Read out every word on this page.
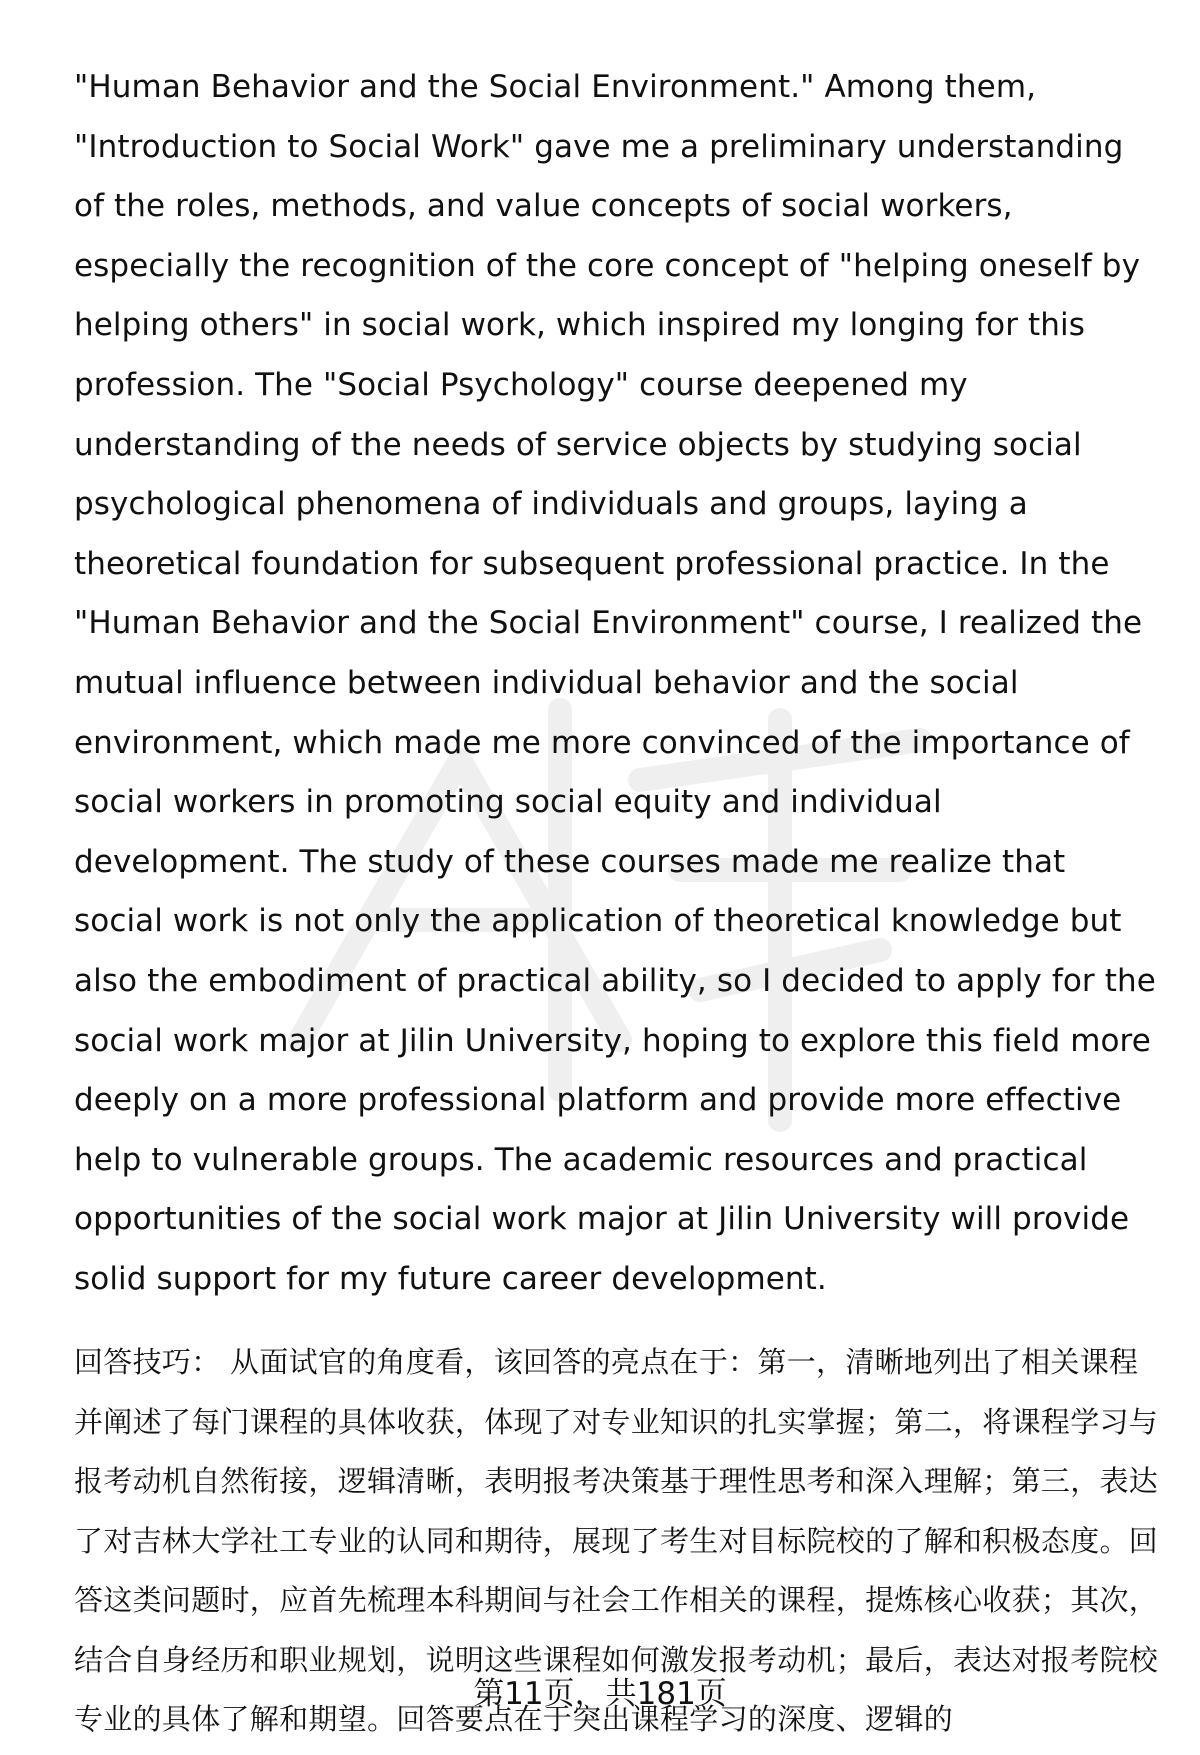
"Human Behavior and the Social Environment." Among them, "Introduction to Social Work" gave me a preliminary understanding of the roles, methods, and value concepts of social workers, especially the recognition of the core concept of "helping oneself by helping others" in social work, which inspired my longing for this profession. The "Social Psychology" course deepened my understanding of the needs of service objects by studying social psychological phenomena of individuals and groups, laying a theoretical foundation for subsequent professional practice. In the "Human Behavior and the Social Environment" course, I realized the mutual influence between individual behavior and the social environment, which made me more convinced of the importance of social workers in promoting social equity and individual development. The study of these courses made me realize that social work is not only the application of theoretical knowledge but also the embodiment of practical ability, so I decided to apply for the social work major at Jilin University, hoping to explore this field more deeply on a more professional platform and provide more effective help to vulnerable groups. The academic resources and practical opportunities of the social work major at Jilin University will provide solid support for my future career development.

回答技巧： 从面试官的角度看，该回答的亮点在于：第一，清晰地列出了相关课程并阐述了每门课程的具体收获，体现了对专业知识的扎实掌握；第二，将课程学习与报考动机自然衔接，逻辑清晰，表明报考决策基于理性思考和深入理解；第三，表达了对吉林大学社工专业的认同和期待，展现了考生对目标院校的了解和积极态度。回答这类问题时，应首先梳理本科期间与社会工作相关的课程，提炼核心收获；其次，结合自身经历和职业规划，说明这些课程如何激发报考动机；最后，表达对报考院校专业的具体了解和期望。回答要点在于突出课程学习的深度、逻辑的

第11页，共181页
